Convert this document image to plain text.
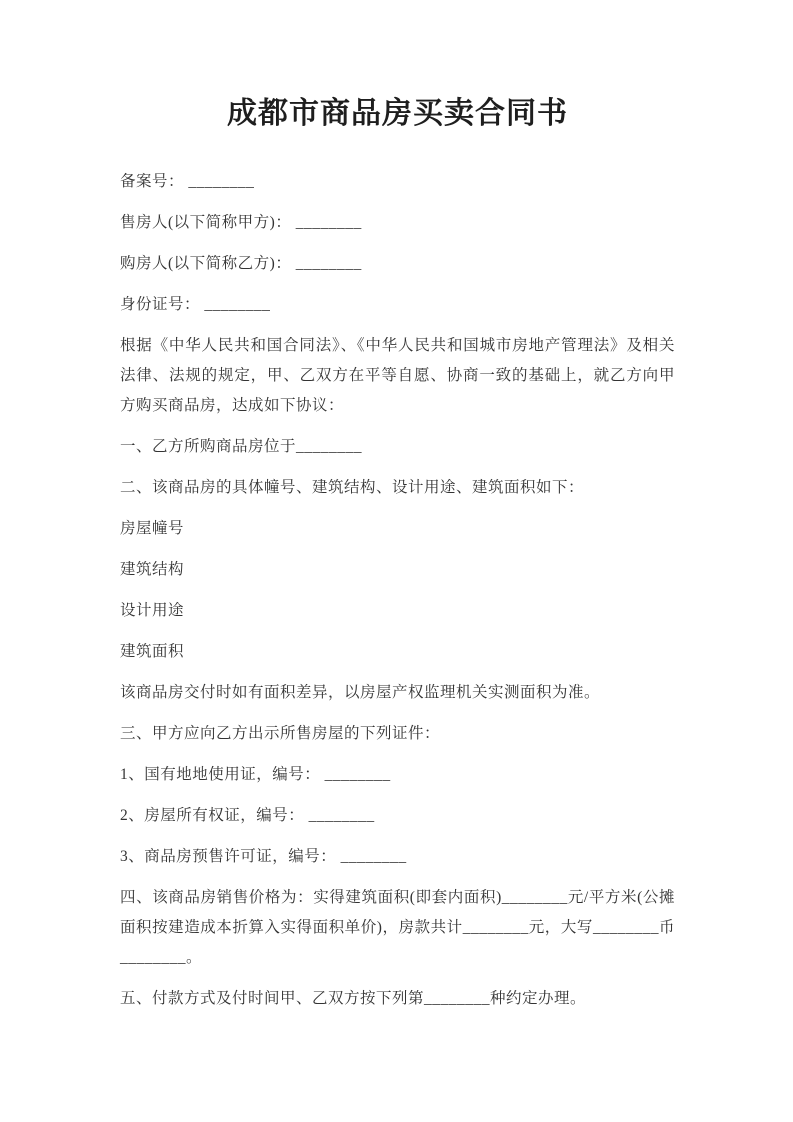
成都市商品房买卖合同书

备案号： ________

售房人(以下简称甲方)： ________

购房人(以下简称乙方)： ________

身份证号： ________

根据《中华人民共和国合同法》、《中华人民共和国城市房地产管理法》及相关法律、法规的规定，甲、乙双方在平等自愿、协商一致的基础上，就乙方向甲方购买商品房，达成如下协议：

一、乙方所购商品房位于________

二、该商品房的具体幢号、建筑结构、设计用途、建筑面积如下：

房屋幢号

建筑结构

设计用途

建筑面积

该商品房交付时如有面积差异，以房屋产权监理机关实测面积为准。

三、甲方应向乙方出示所售房屋的下列证件：

1、国有地地使用证，编号： ________

2、房屋所有权证，编号： ________

3、商品房预售许可证，编号： ________

四、该商品房销售价格为：实得建筑面积(即套内面积)________元/平方米(公摊面积按建造成本折算入实得面积单价)，房款共计________元，大写________币________。

五、付款方式及付时间甲、乙双方按下列第________种约定办理。
